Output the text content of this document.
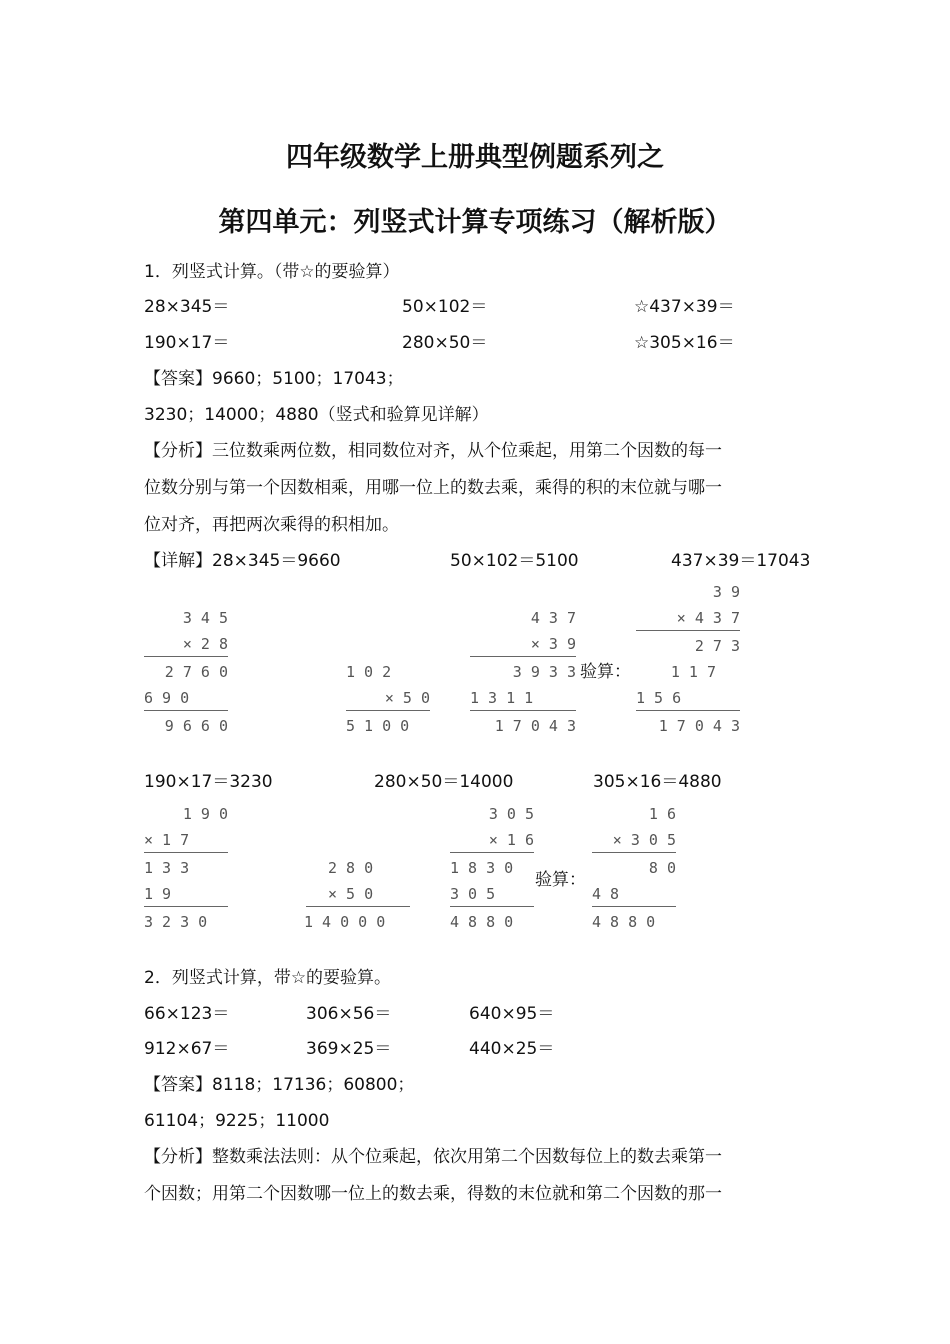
四年级数学上册典型例题系列之
第四单元：列竖式计算专项练习（解析版）
1．列竖式计算。（带☆的要验算）
28×345＝	50×102＝	☆437×39＝
190×17＝	280×50＝	☆305×16＝
【答案】9660；5100；17043；
3230；14000；4880（竖式和验算见详解）
【分析】三位数乘两位数，相同数位对齐，从个位乘起，用第二个因数的每一
位数分别与第一个因数相乘，用哪一位上的数去乘，乘得的积的末位就与哪一
位对齐，再把两次乘得的积相加。
【详解】28×345＝9660	50×102＝5100	437×39＝17043
3 4 5
× 2 8
2 7 6 0
6 9 0
9 6 6 0
1 0 2
× 5 0
5 1 0 0
4 3 7
× 3 9
3 9 3 3
1 3 1 1
1 7 0 4 3
验算：
3 9
× 4 3 7
2 7 3
1 1 7
1 5 6
1 7 0 4 3
190×17＝3230	280×50＝14000	305×16＝4880
1 9 0
× 1 7
1 3 3
1 9
3 2 3 0
2 8 0
× 5 0
1 4 0 0 0
3 0 5
× 1 6
1 8 3 0
3 0 5
4 8 8 0
验算：
1 6
× 3 0 5
8 0
4 8
4 8 8 0
2．列竖式计算，带☆的要验算。
66×123＝	306×56＝	640×95＝
912×67＝	369×25＝	440×25＝
【答案】8118；17136；60800；
61104；9225；11000
【分析】整数乘法法则：从个位乘起，依次用第二个因数每位上的数去乘第一
个因数；用第二个因数哪一位上的数去乘，得数的末位就和第二个因数的那一
